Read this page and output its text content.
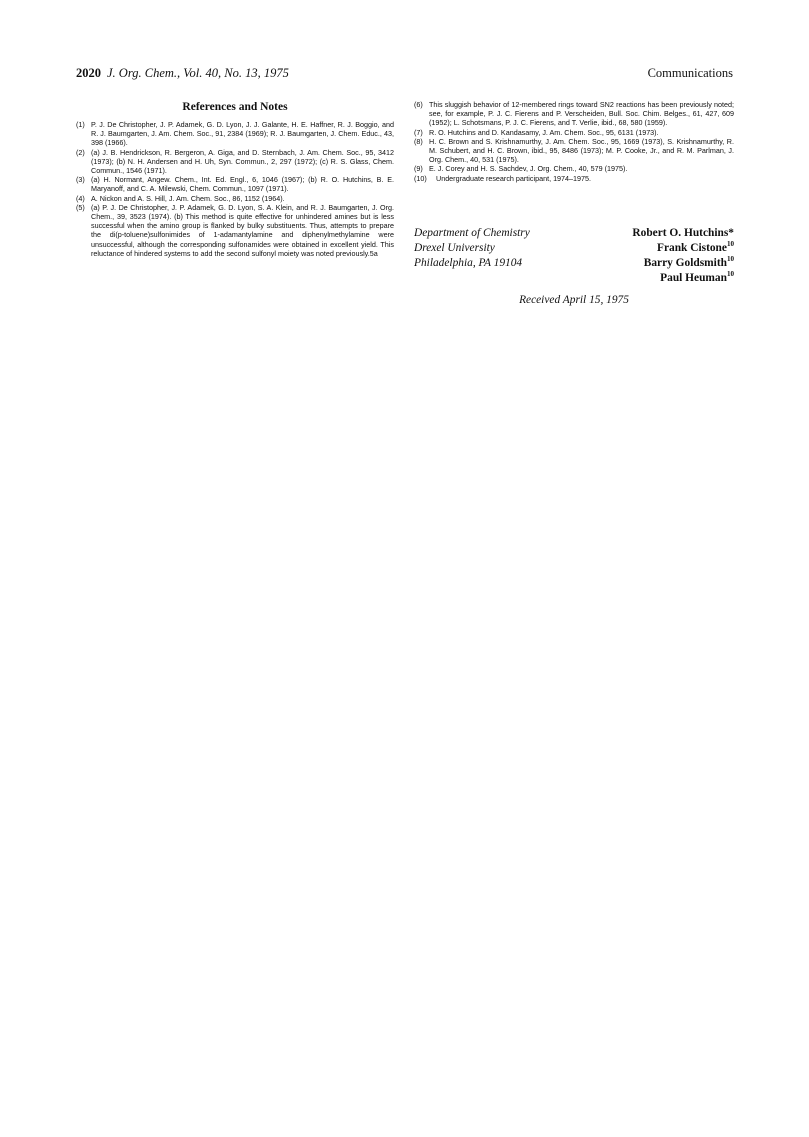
2020 J. Org. Chem., Vol. 40, No. 13, 1975	Communications
References and Notes

(1) P. J. De Christopher, J. P. Adamek, G. D. Lyon, J. J. Galante, H. E. Haffner, R. J. Boggio, and R. J. Baumgarten, J. Am. Chem. Soc., 91, 2384 (1969); R. J. Baumgarten, J. Chem. Educ., 43, 398 (1966).

(2) (a) J. B. Hendrickson, R. Bergeron, A. Giga, and D. Sternbach, J. Am. Chem. Soc., 95, 3412 (1973); (b) N. H. Andersen and H. Uh, Syn. Commun., 2, 297 (1972); (c) R. S. Glass, Chem. Commun., 1546 (1971).

(3) (a) H. Normant, Angew. Chem., Int. Ed. Engl., 6, 1046 (1967); (b) R. O. Hutchins, B. E. Maryanoff, and C. A. Milewski, Chem. Commun., 1097 (1971).

(4) A. Nickon and A. S. Hill, J. Am. Chem. Soc., 86, 1152 (1964).

(5) (a) P. J. De Christopher, J. P. Adamek, G. D. Lyon, S. A. Klein, and R. J. Baumgarten, J. Org. Chem., 39, 3523 (1974). (b) This method is quite effective for unhindered amines but is less successful when the amino group is flanked by bulky substituents. Thus, attempts to prepare the di(p-toluene)sulfonimides of 1-adamantylamine and diphenylmethylamine were unsuccessful, although the corresponding sulfonamides were obtained in excellent yield. This reluctance of hindered systems to add the second sulfonyl moiety was noted previously.5a

(6) This sluggish behavior of 12-membered rings toward SN2 reactions has been previously noted; see, for example, P. J. C. Fierens and P. Verscheiden, Bull. Soc. Chim. Belges., 61, 427, 609 (1952); L. Schotsmans, P. J. C. Fierens, and T. Verlie, ibid., 68, 580 (1959).

(7) R. O. Hutchins and D. Kandasamy, J. Am. Chem. Soc., 95, 6131 (1973).

(8) H. C. Brown and S. Krishnamurthy, J. Am. Chem. Soc., 95, 1669 (1973), S. Krishnamurthy, R. M. Schubert, and H. C. Brown, ibid., 95, 8486 (1973); M. P. Cooke, Jr., and R. M. Parlman, J. Org. Chem., 40, 531 (1975).

(9) E. J. Corey and H. S. Sachdev, J. Org. Chem., 40, 579 (1975).

(10) Undergraduate research participant, 1974–1975.

Department of Chemistry
Drexel University
Philadelphia, PA 19104
Robert O. Hutchins*
Frank Cistone$^{10}$
Barry Goldsmith$^{10}$
Paul Heuman$^{10}$
Received April 15, 1975
